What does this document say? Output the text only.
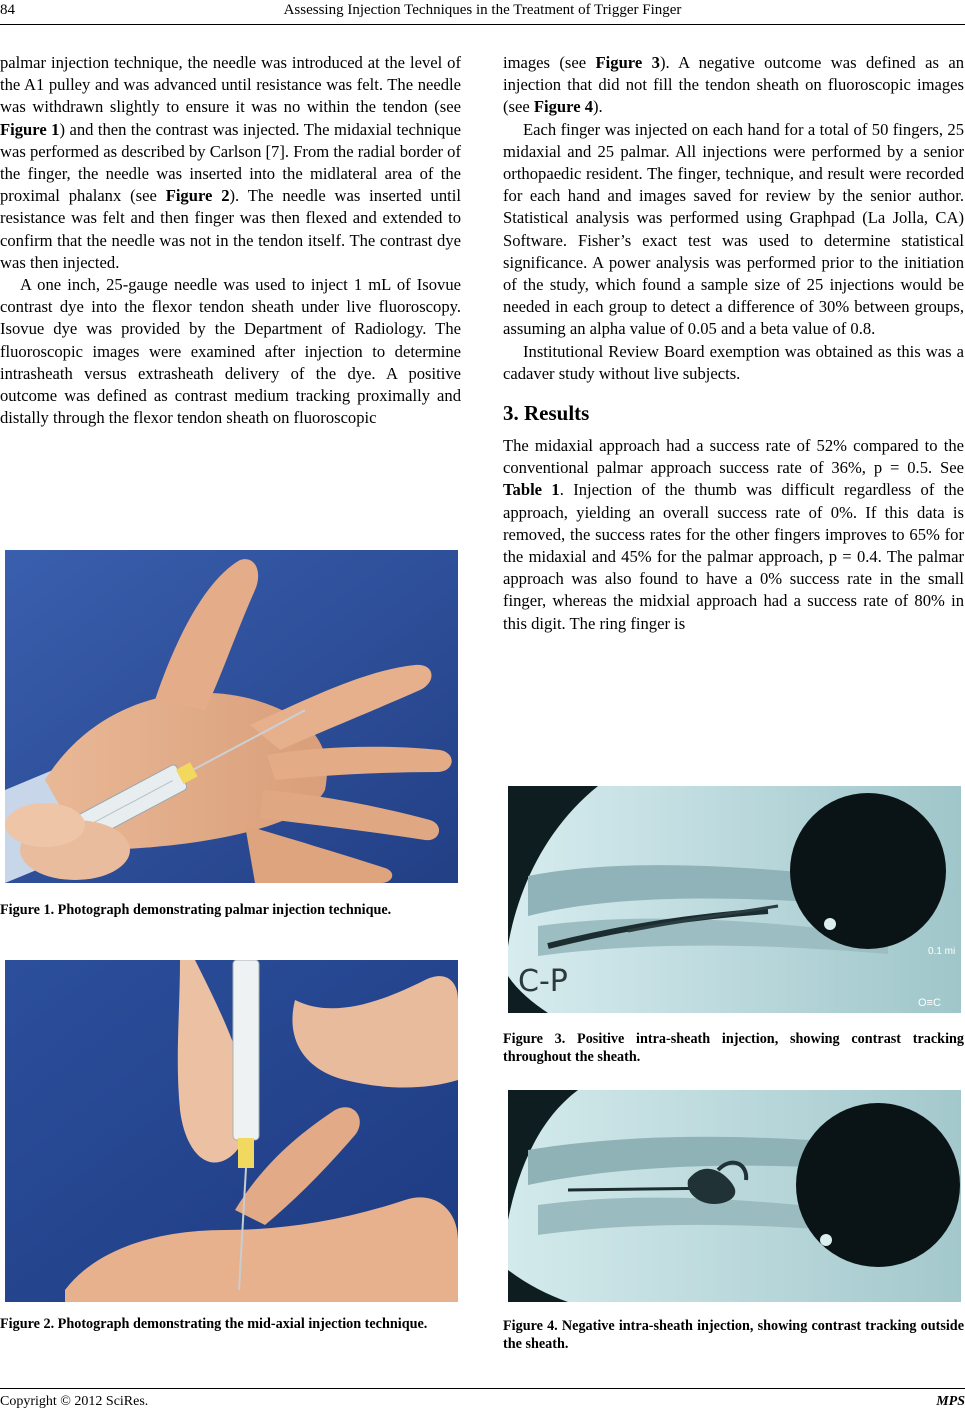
84	Assessing Injection Techniques in the Treatment of Trigger Finger

palmar injection technique, the needle was introduced at the level of the A1 pulley and was advanced until resistance was felt. The needle was withdrawn slightly to ensure it was no within the tendon (see Figure 1) and then the contrast was injected. The midaxial technique was performed as described by Carlson [7]. From the radial border of the finger, the needle was inserted into the midlateral area of the proximal phalanx (see Figure 2). The needle was inserted until resistance was felt and then finger was then flexed and extended to confirm that the needle was not in the tendon itself. The contrast dye was then injected.

A one inch, 25-gauge needle was used to inject 1 mL of Isovue contrast dye into the flexor tendon sheath under live fluoroscopy. Isovue dye was provided by the Department of Radiology. The fluoroscopic images were examined after injection to determine intrasheath versus extrasheath delivery of the dye. A positive outcome was defined as contrast medium tracking proximally and distally through the flexor tendon sheath on fluoroscopic

images (see Figure 3). A negative outcome was defined as an injection that did not fill the tendon sheath on fluoroscopic images (see Figure 4).

Each finger was injected on each hand for a total of 50 fingers, 25 midaxial and 25 palmar. All injections were performed by a senior orthopaedic resident. The finger, technique, and result were recorded for each hand and images saved for review by the senior author. Statistical analysis was performed using Graphpad (La Jolla, CA) Software. Fisher’s exact test was used to determine statistical significance. A power analysis was performed prior to the initiation of the study, which found a sample size of 25 injections would be needed in each group to detect a difference of 30% between groups, assuming an alpha value of 0.05 and a beta value of 0.8.

Institutional Review Board exemption was obtained as this was a cadaver study without live subjects.

3. Results

The midaxial approach had a success rate of 52% compared to the conventional palmar approach success rate of 36%, p = 0.5. See Table 1. Injection of the thumb was difficult regardless of the approach, yielding an overall success rate of 0%. If this data is removed, the success rates for the other fingers improves to 65% for the midaxial and 45% for the palmar approach, p = 0.4. The palmar approach was also found to have a 0% success rate in the small finger, whereas the midxial approach had a success rate of 80% in this digit. The ring finger is

Figure 1. Photograph demonstrating palmar injection technique.
Figure 2. Photograph demonstrating the mid-axial injection technique.
0.1 mi
O≡C
C-P
Figure 3. Positive intra-sheath injection, showing contrast tracking throughout the sheath.
Figure 4. Negative intra-sheath injection, showing contrast tracking outside the sheath.
Copyright © 2012 SciRes.	MPS
